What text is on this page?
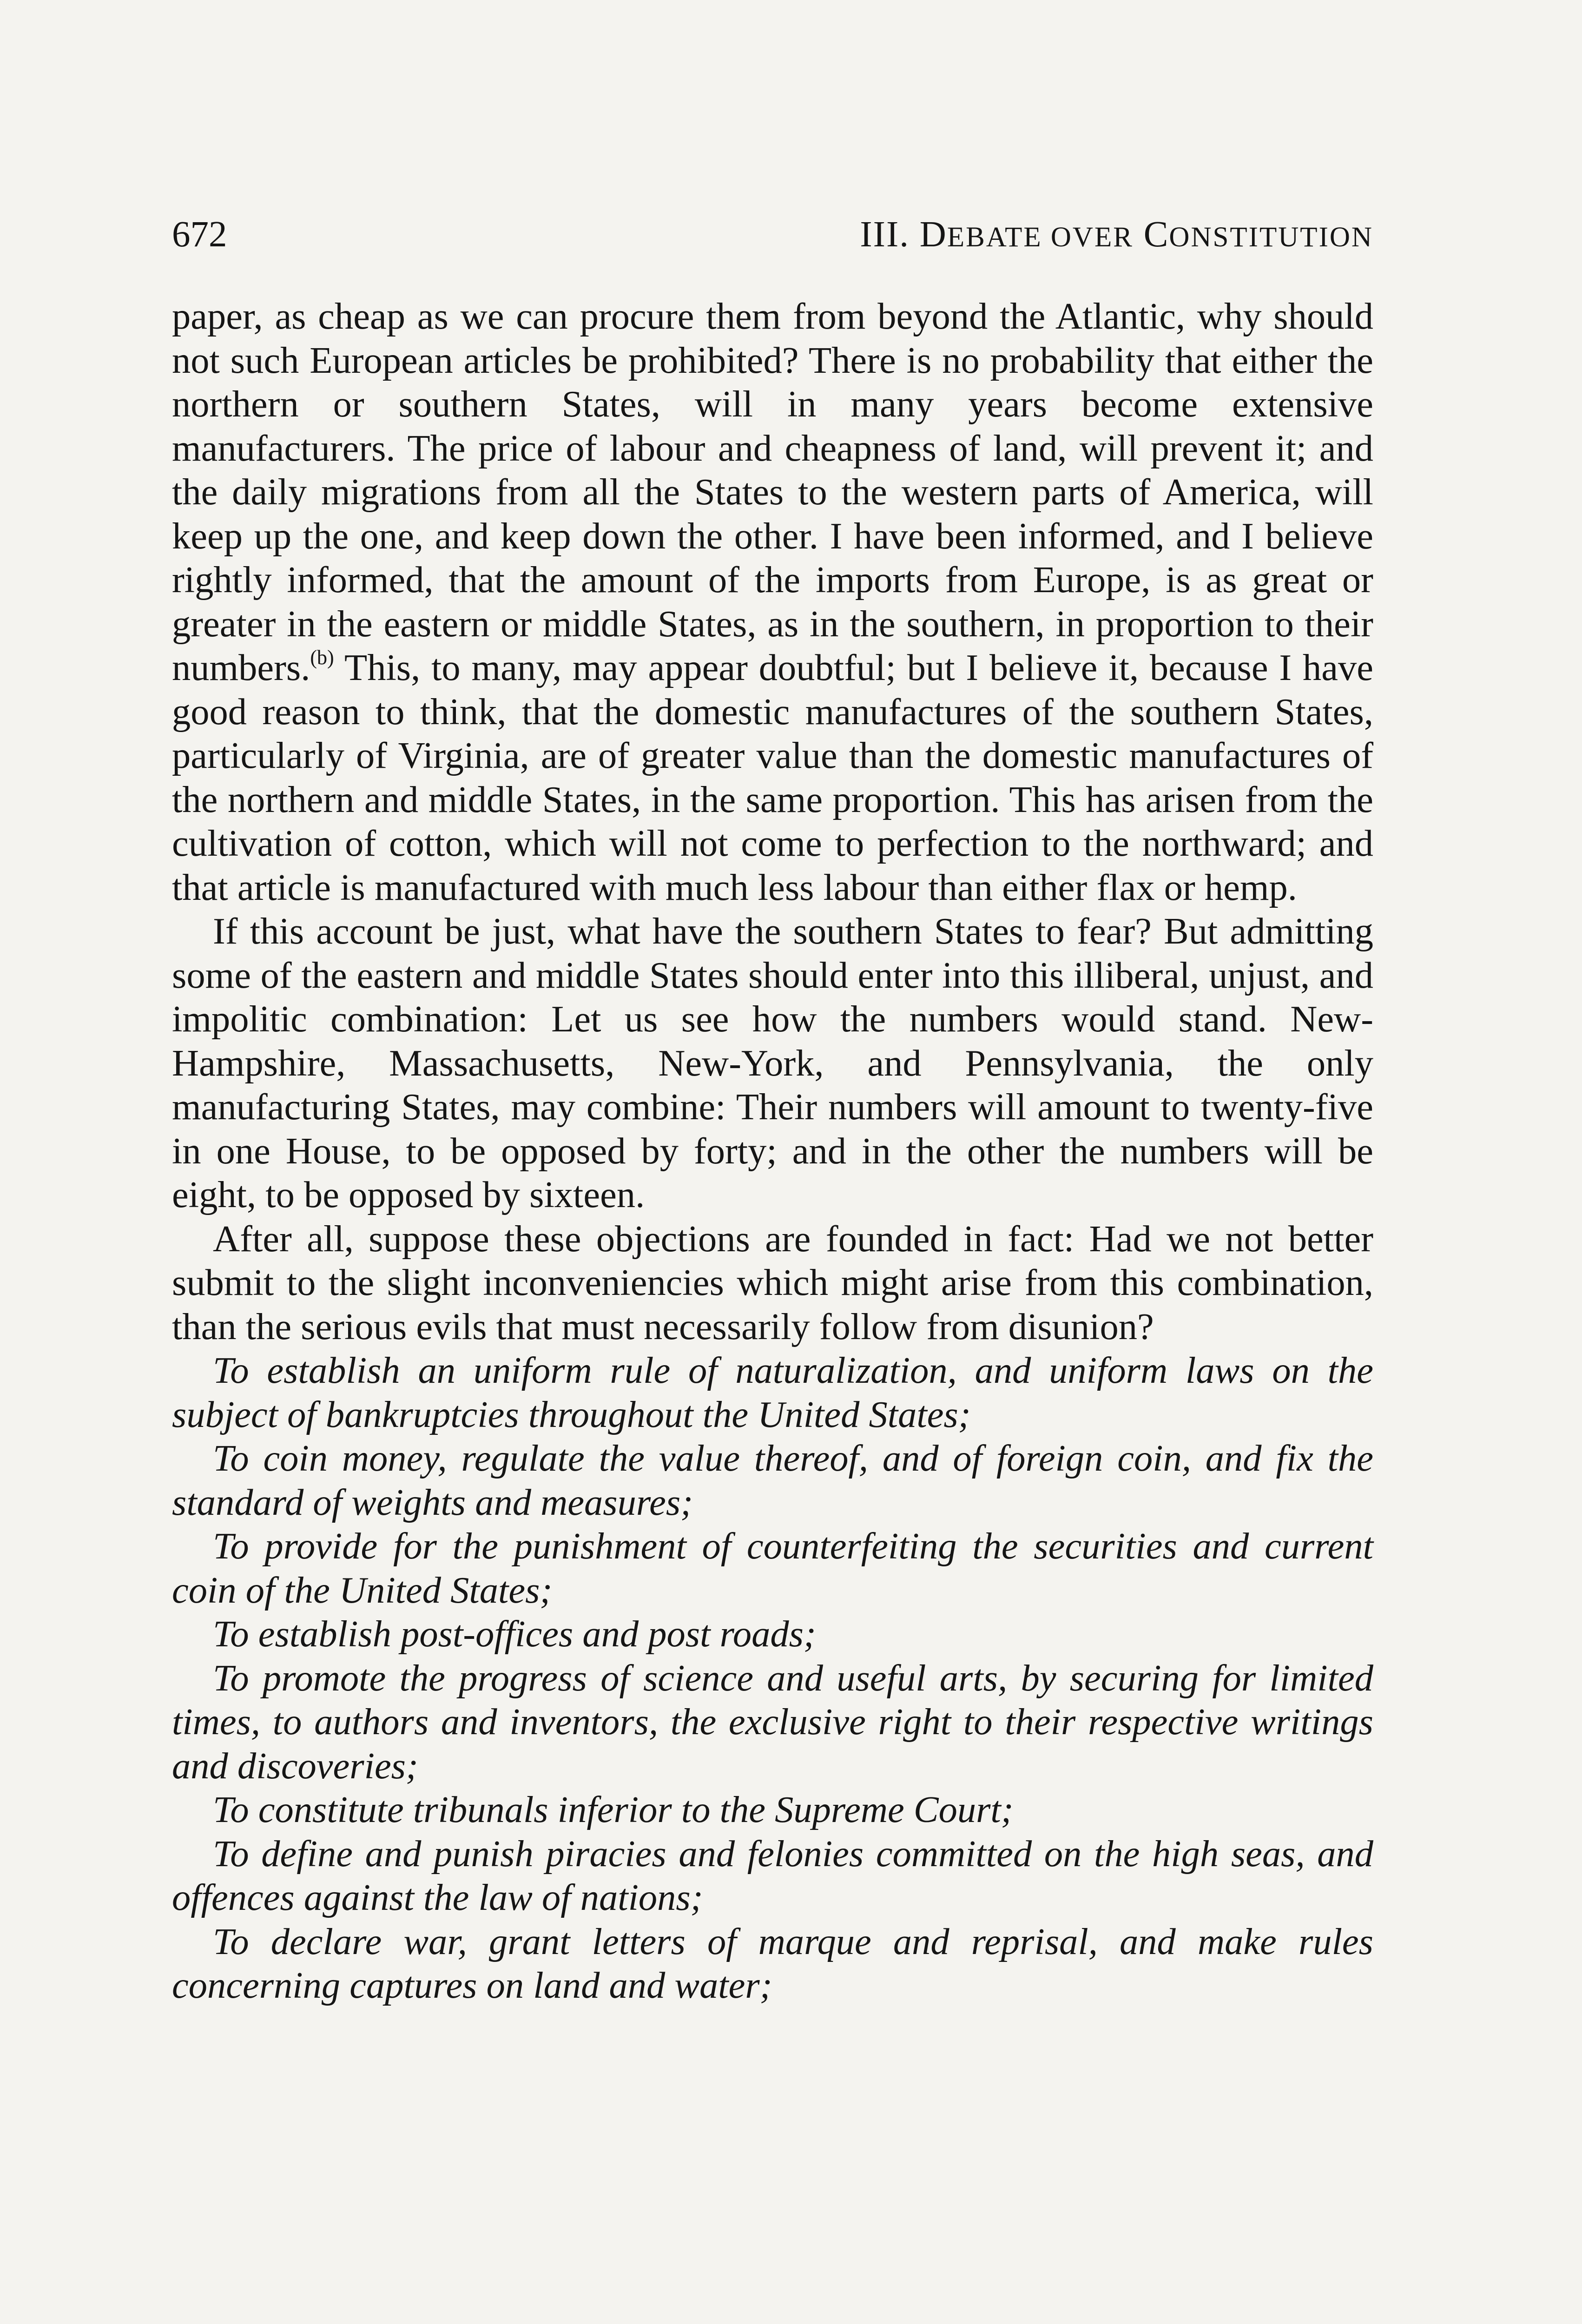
672	III. DEBATE OVER CONSTITUTION

paper, as cheap as we can procure them from beyond the Atlantic, why should not such European articles be prohibited? There is no probability that either the northern or southern States, will in many years become extensive manufacturers. The price of labour and cheapness of land, will prevent it; and the daily migrations from all the States to the western parts of America, will keep up the one, and keep down the other. I have been informed, and I believe rightly informed, that the amount of the imports from Europe, is as great or greater in the eastern or middle States, as in the southern, in proportion to their numbers.$^{(b)}$ This, to many, may appear doubtful; but I believe it, because I have good reason to think, that the domestic manufactures of the southern States, particularly of Virginia, are of greater value than the domestic manufactures of the northern and middle States, in the same proportion. This has arisen from the cultivation of cotton, which will not come to perfection to the northward; and that article is manufactured with much less labour than either flax or hemp.

If this account be just, what have the southern States to fear? But admitting some of the eastern and middle States should enter into this illiberal, unjust, and impolitic combination: Let us see how the numbers would stand. New-Hampshire, Massachusetts, New-York, and Pennsylvania, the only manufacturing States, may combine: Their numbers will amount to twenty-five in one House, to be opposed by forty; and in the other the numbers will be eight, to be opposed by sixteen.

After all, suppose these objections are founded in fact: Had we not better submit to the slight inconveniencies which might arise from this combination, than the serious evils that must necessarily follow from disunion?

To establish an uniform rule of naturalization, and uniform laws on the subject of bankruptcies throughout the United States;

To coin money, regulate the value thereof, and of foreign coin, and fix the standard of weights and measures;

To provide for the punishment of counterfeiting the securities and current coin of the United States;

To establish post-offices and post roads;

To promote the progress of science and useful arts, by securing for limited times, to authors and inventors, the exclusive right to their respective writings and discoveries;

To constitute tribunals inferior to the Supreme Court;

To define and punish piracies and felonies committed on the high seas, and offences against the law of nations;

To declare war, grant letters of marque and reprisal, and make rules concerning captures on land and water;
